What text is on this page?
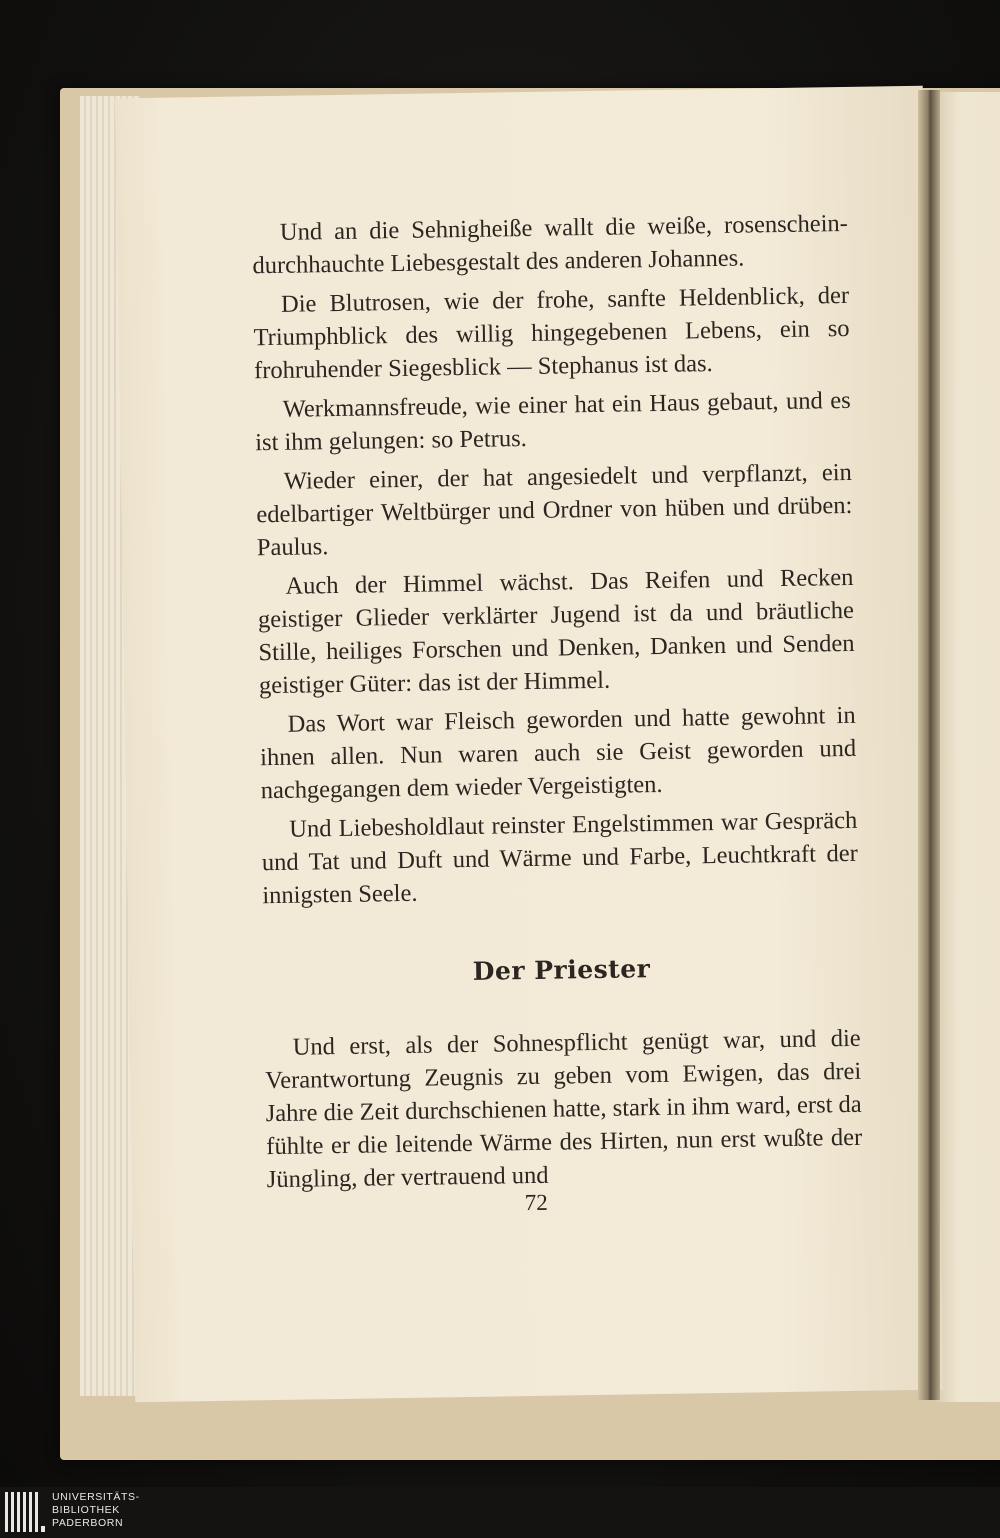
Und an die Sehnigheiße wallt die weiße, rosenschein-durchhauchte Liebesgestalt des anderen Johannes.

Die Blutrosen, wie der frohe, sanfte Heldenblick, der Triumphblick des willig hingegebenen Lebens, ein so frohruhender Siegesblick — Stephanus ist das.

Werkmannsfreude, wie einer hat ein Haus gebaut, und es ist ihm gelungen: so Petrus.

Wieder einer, der hat angesiedelt und verpflanzt, ein edelbartiger Weltbürger und Ordner von hüben und drüben: Paulus.

Auch der Himmel wächst. Das Reifen und Recken geistiger Glieder verklärter Jugend ist da und bräutliche Stille, heiliges Forschen und Denken, Danken und Senden geistiger Güter: das ist der Himmel.

Das Wort war Fleisch geworden und hatte gewohnt in ihnen allen. Nun waren auch sie Geist geworden und nachgegangen dem wieder Vergeistigten.

Und Liebesholdlaut reinster Engelstimmen war Gespräch und Tat und Duft und Wärme und Farbe, Leuchtkraft der innigsten Seele.

Der Priester

Und erst, als der Sohnespflicht genügt war, und die Verantwortung Zeugnis zu geben vom Ewigen, das drei Jahre die Zeit durchschienen hatte, stark in ihm ward, erst da fühlte er die leitende Wärme des Hirten, nun erst wußte der Jüngling, der vertrauend und

72
UNIVERSITÄTS-
BIBLIOTHEK
PADERBORN
